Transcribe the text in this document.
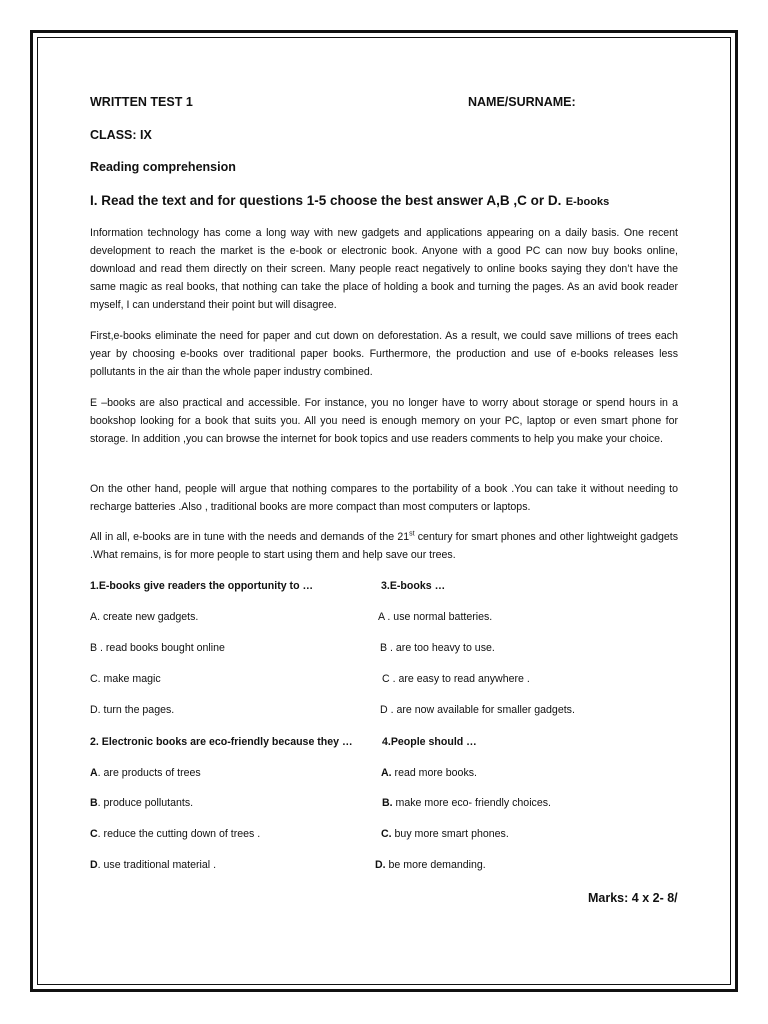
WRITTEN TEST 1	NAME/SURNAME:
CLASS: IX
Reading comprehension
I. Read the text and for questions 1-5 choose the best answer A,B ,C or D. E-books
Information technology has come a long way with new gadgets and applications appearing on a daily basis. One recent development to reach the market is the e-book or electronic book. Anyone with a good PC can now buy books online, download and read them directly on their screen. Many people react negatively to online books saying they don’t have the same magic as real books, that nothing can take the place of holding a book and turning the pages. As an avid book reader myself, I can understand their point but will disagree.
First,e-books eliminate the need for paper and cut down on deforestation. As a result, we could save millions of trees each year by choosing e-books over traditional paper books. Furthermore, the production and use of e-books releases less pollutants in the air than the whole paper industry combined.
E –books are also practical and accessible. For instance, you no longer have to worry about storage or spend hours in a bookshop looking for a book that suits you. All you need is enough memory on your PC, laptop or even smart phone for storage. In addition ,you can browse the internet for book topics and use readers comments to help you make your choice.
On the other hand, people will argue that nothing compares to the portability of a book .You can take it without needing to recharge batteries .Also , traditional books are more compact than most computers or laptops.
All in all, e-books are in tune with the needs and demands of the 21st century for smart phones and other lightweight gadgets .What remains, is for more people to start using them and help save our trees.
1.E-books give readers the opportunity to …
A. create new gadgets.
B . read books bought online
C. make magic
D. turn the pages.
3.E-books …
A . use normal batteries.
B . are too heavy to use.
C . are easy to read anywhere .
D . are now available for smaller gadgets.
2. Electronic books are eco-friendly because they …
A. are products of trees
B. produce pollutants.
C. reduce the cutting down of trees .
D. use traditional material .
4.People should …
A. read more books.
B. make more eco- friendly choices.
C. buy more smart phones.
D. be more demanding.
Marks: 4 x 2- 8/
